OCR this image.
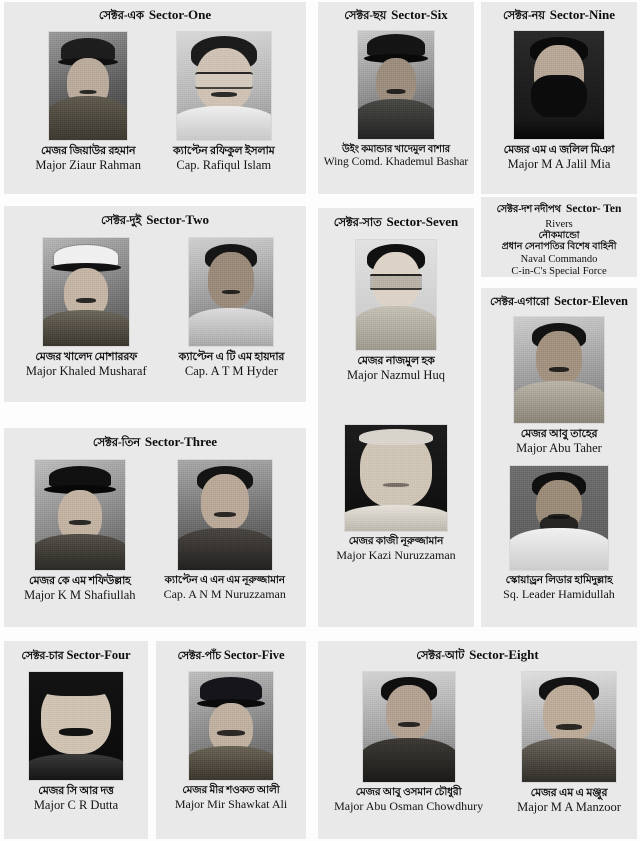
সেক্টর-এক Sector-One
মেজর জিয়াউর রহমান
Major Ziaur Rahman
ক্যাপ্টেন রফিকুল ইসলাম
Cap. Rafiqul Islam
সেক্টর-ছয় Sector-Six
উইং কমান্ডার খাদেমুল বাশার
Wing Comd. Khademul Bashar
সেক্টর-নয় Sector-Nine
মেজর এম এ জলিল মিঞা
Major M A Jalil Mia
সেক্টর-দুই Sector-Two
মেজর খালেদ মোশাররফ
Major Khaled Musharaf
ক্যাপ্টেন এ টি এম হায়দার
Cap. A T M Hyder
সেক্টর-সাত Sector-Seven
মেজর নাজমুল হক
Major Nazmul Huq
মেজর কাজী নূরুজ্জামান
Major Kazi Nuruzzaman
সেক্টর-দশ নদীপথ Sector- Ten
Rivers
নৌকমান্ডো
প্রধান সেনাপতির বিশেষ বাহিনী
Naval Commando
C-in-C's Special Force
সেক্টর-এগারো Sector-Eleven
মেজর আবু তাহের
Major Abu Taher
স্কোয়াড্রন লিডার হামিদুল্লাহ
Sq. Leader Hamidullah
সেক্টর-তিন Sector-Three
মেজর কে এম শফিউল্লাহ
Major K M Shafiullah
ক্যাপ্টেন এ এন এম নূরুজ্জামান
Cap. A N M Nuruzzaman
সেক্টর-চার Sector-Four
মেজর সি আর দত্ত
Major C R Dutta
সেক্টর-পাঁচ Sector-Five
মেজর মীর শওকত আলী
Major Mir Shawkat Ali
সেক্টর-আট Sector-Eight
মেজর আবু ওসমান চৌধুরী
Major Abu Osman Chowdhury
মেজর এম এ মঞ্জুর
Major M A Manzoor
